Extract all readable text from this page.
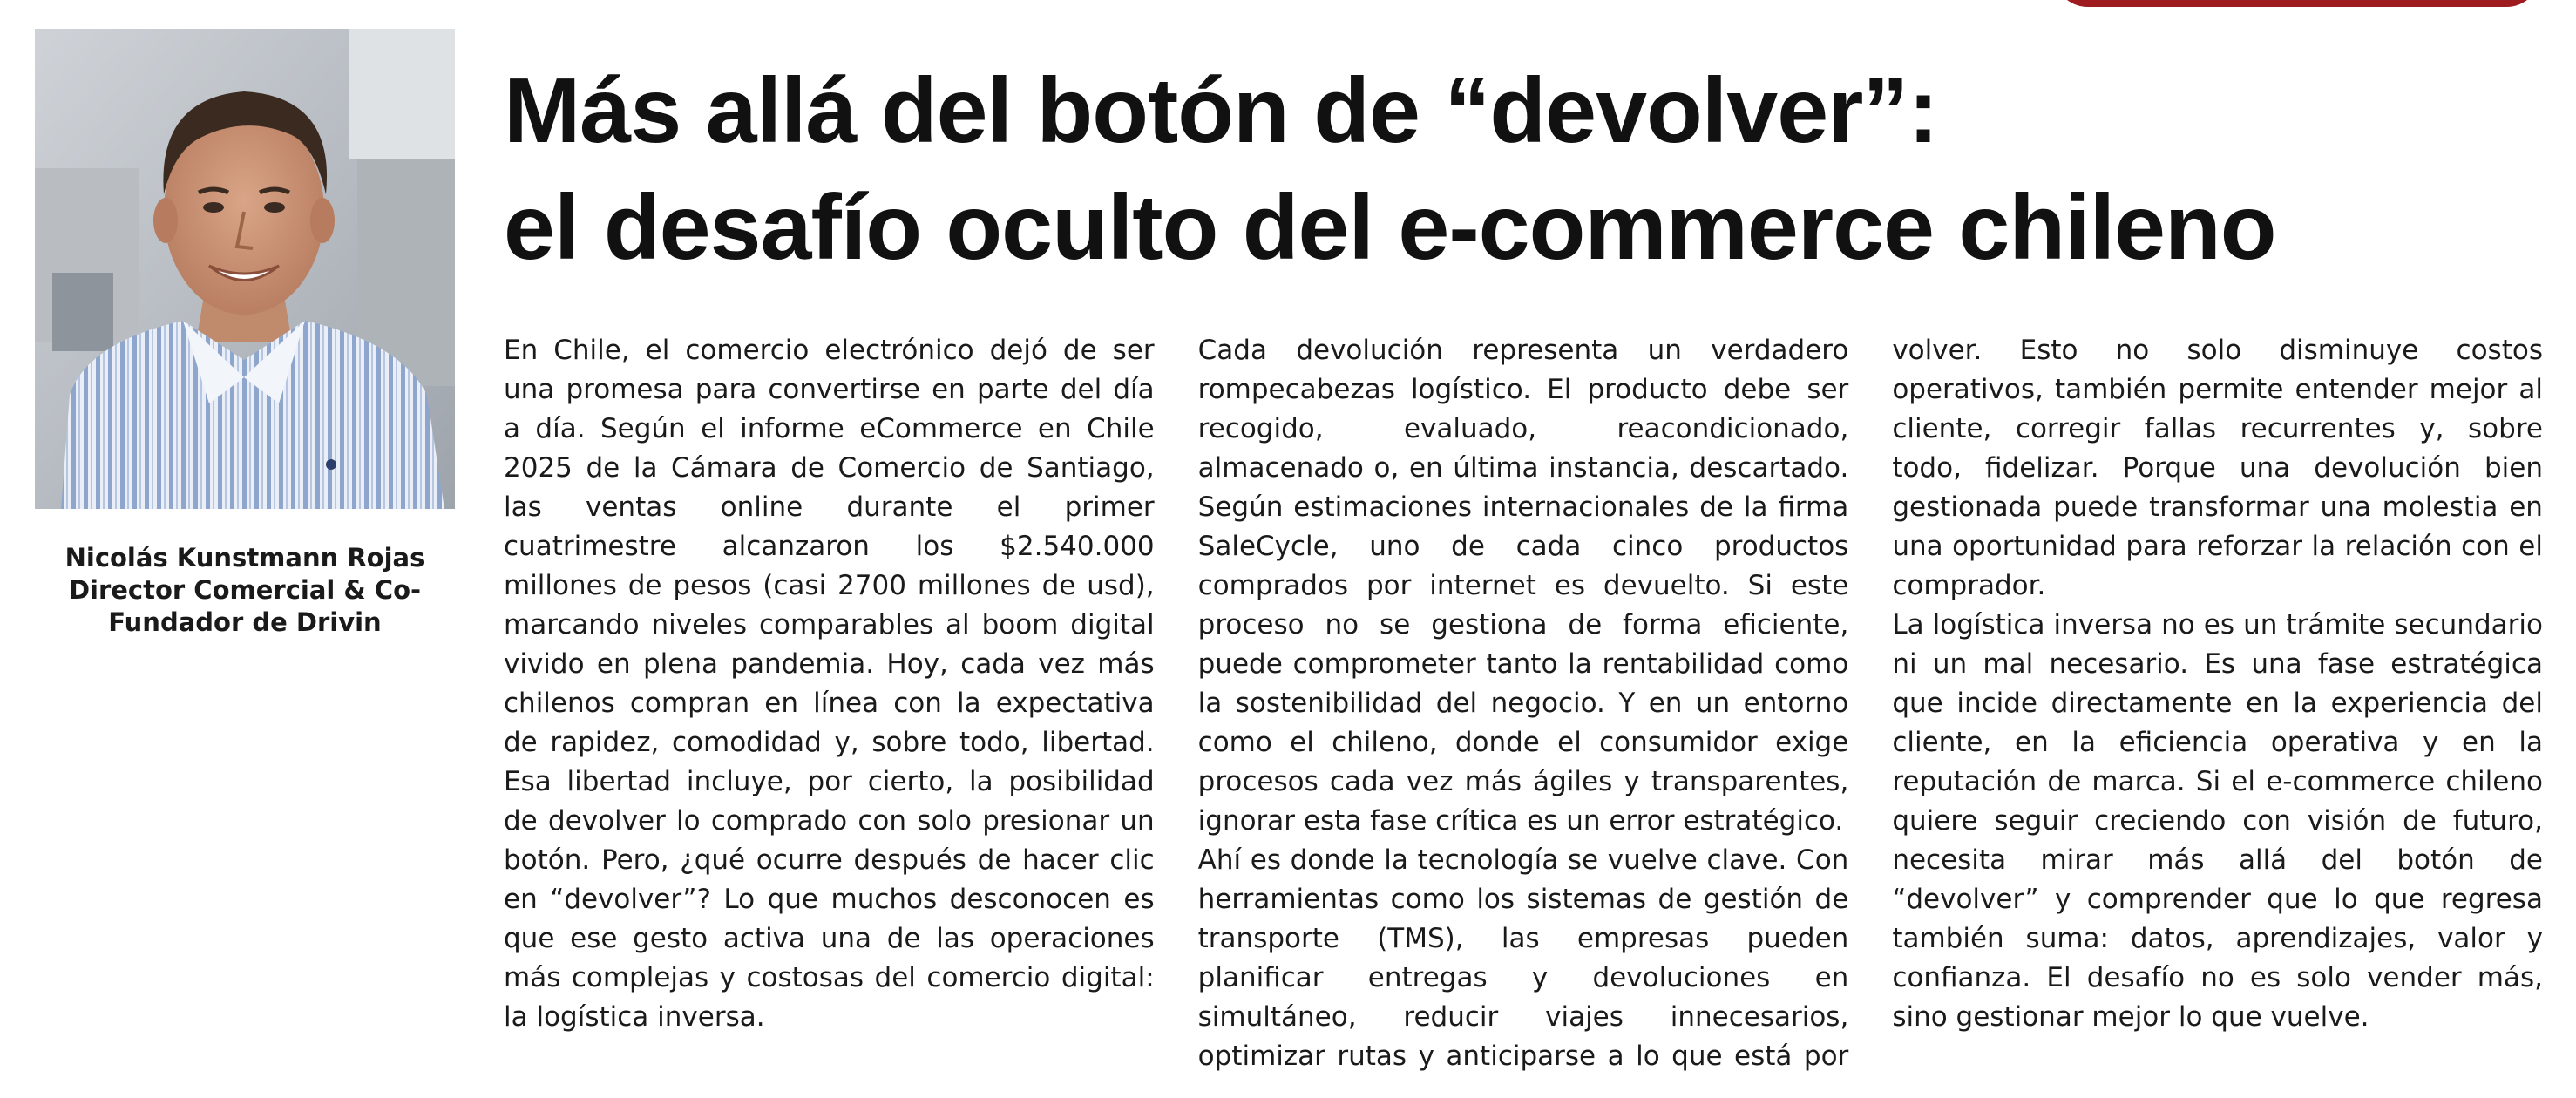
Nicolás Kunstmann Rojas
Director Comercial & Co-
Fundador de Drivin
Más allá del botón de “devolver”:
el desafío oculto del e-commerce chileno

En Chile, el comercio electrónico dejó de ser una promesa para convertirse en parte del día a día. Según el informe eCommerce en Chile 2025 de la Cámara de Comercio de Santiago, las ventas online durante el primer cuatrimestre alcanzaron los $2.540.000 millones de pesos (casi 2700 millones de usd), marcando niveles comparables al boom digital vivido en plena pandemia. Hoy, cada vez más chilenos compran en línea con la expectativa de rapidez, comodidad y, sobre todo, libertad. Esa libertad incluye, por cierto, la posibilidad de devolver lo comprado con solo presionar un botón. Pero, ¿qué ocurre después de hacer clic en “devolver”? Lo que muchos desconocen es que ese gesto activa una de las operaciones más complejas y costosas del comercio digital: la logística inversa.

Cada devolución representa un verdadero rompecabezas logístico. El producto debe ser recogido, evaluado, reacondicionado, almacenado o, en última instancia, descartado. Según estimaciones internacionales de la firma SaleCycle, uno de cada cinco productos comprados por internet es devuelto. Si este proceso no se gestiona de forma eficiente, puede comprometer tanto la rentabilidad como la sostenibilidad del negocio. Y en un entorno como el chileno, donde el consumidor exige procesos cada vez más ágiles y transparentes, ignorar esta fase crítica es un error estratégico.

Ahí es donde la tecnología se vuelve clave. Con herramientas como los sistemas de gestión de transporte (TMS), las empresas pueden planificar entregas y devoluciones en simultáneo, reducir viajes innecesarios, optimizar rutas y anticiparse a lo que está por volver. Esto no solo disminuye costos operativos, también permite entender mejor al cliente, corregir fallas recurrentes y, sobre todo, fidelizar. Porque una devolución bien gestionada puede transformar una molestia en una oportunidad para reforzar la relación con el comprador.

La logística inversa no es un trámite secundario ni un mal necesario. Es una fase estratégica que incide directamente en la experiencia del cliente, en la eficiencia operativa y en la reputación de marca. Si el e-commerce chileno quiere seguir creciendo con visión de futuro, necesita mirar más allá del botón de “devolver” y comprender que lo que regresa también suma: datos, aprendizajes, valor y confianza. El desafío no es solo vender más, sino gestionar mejor lo que vuelve.
